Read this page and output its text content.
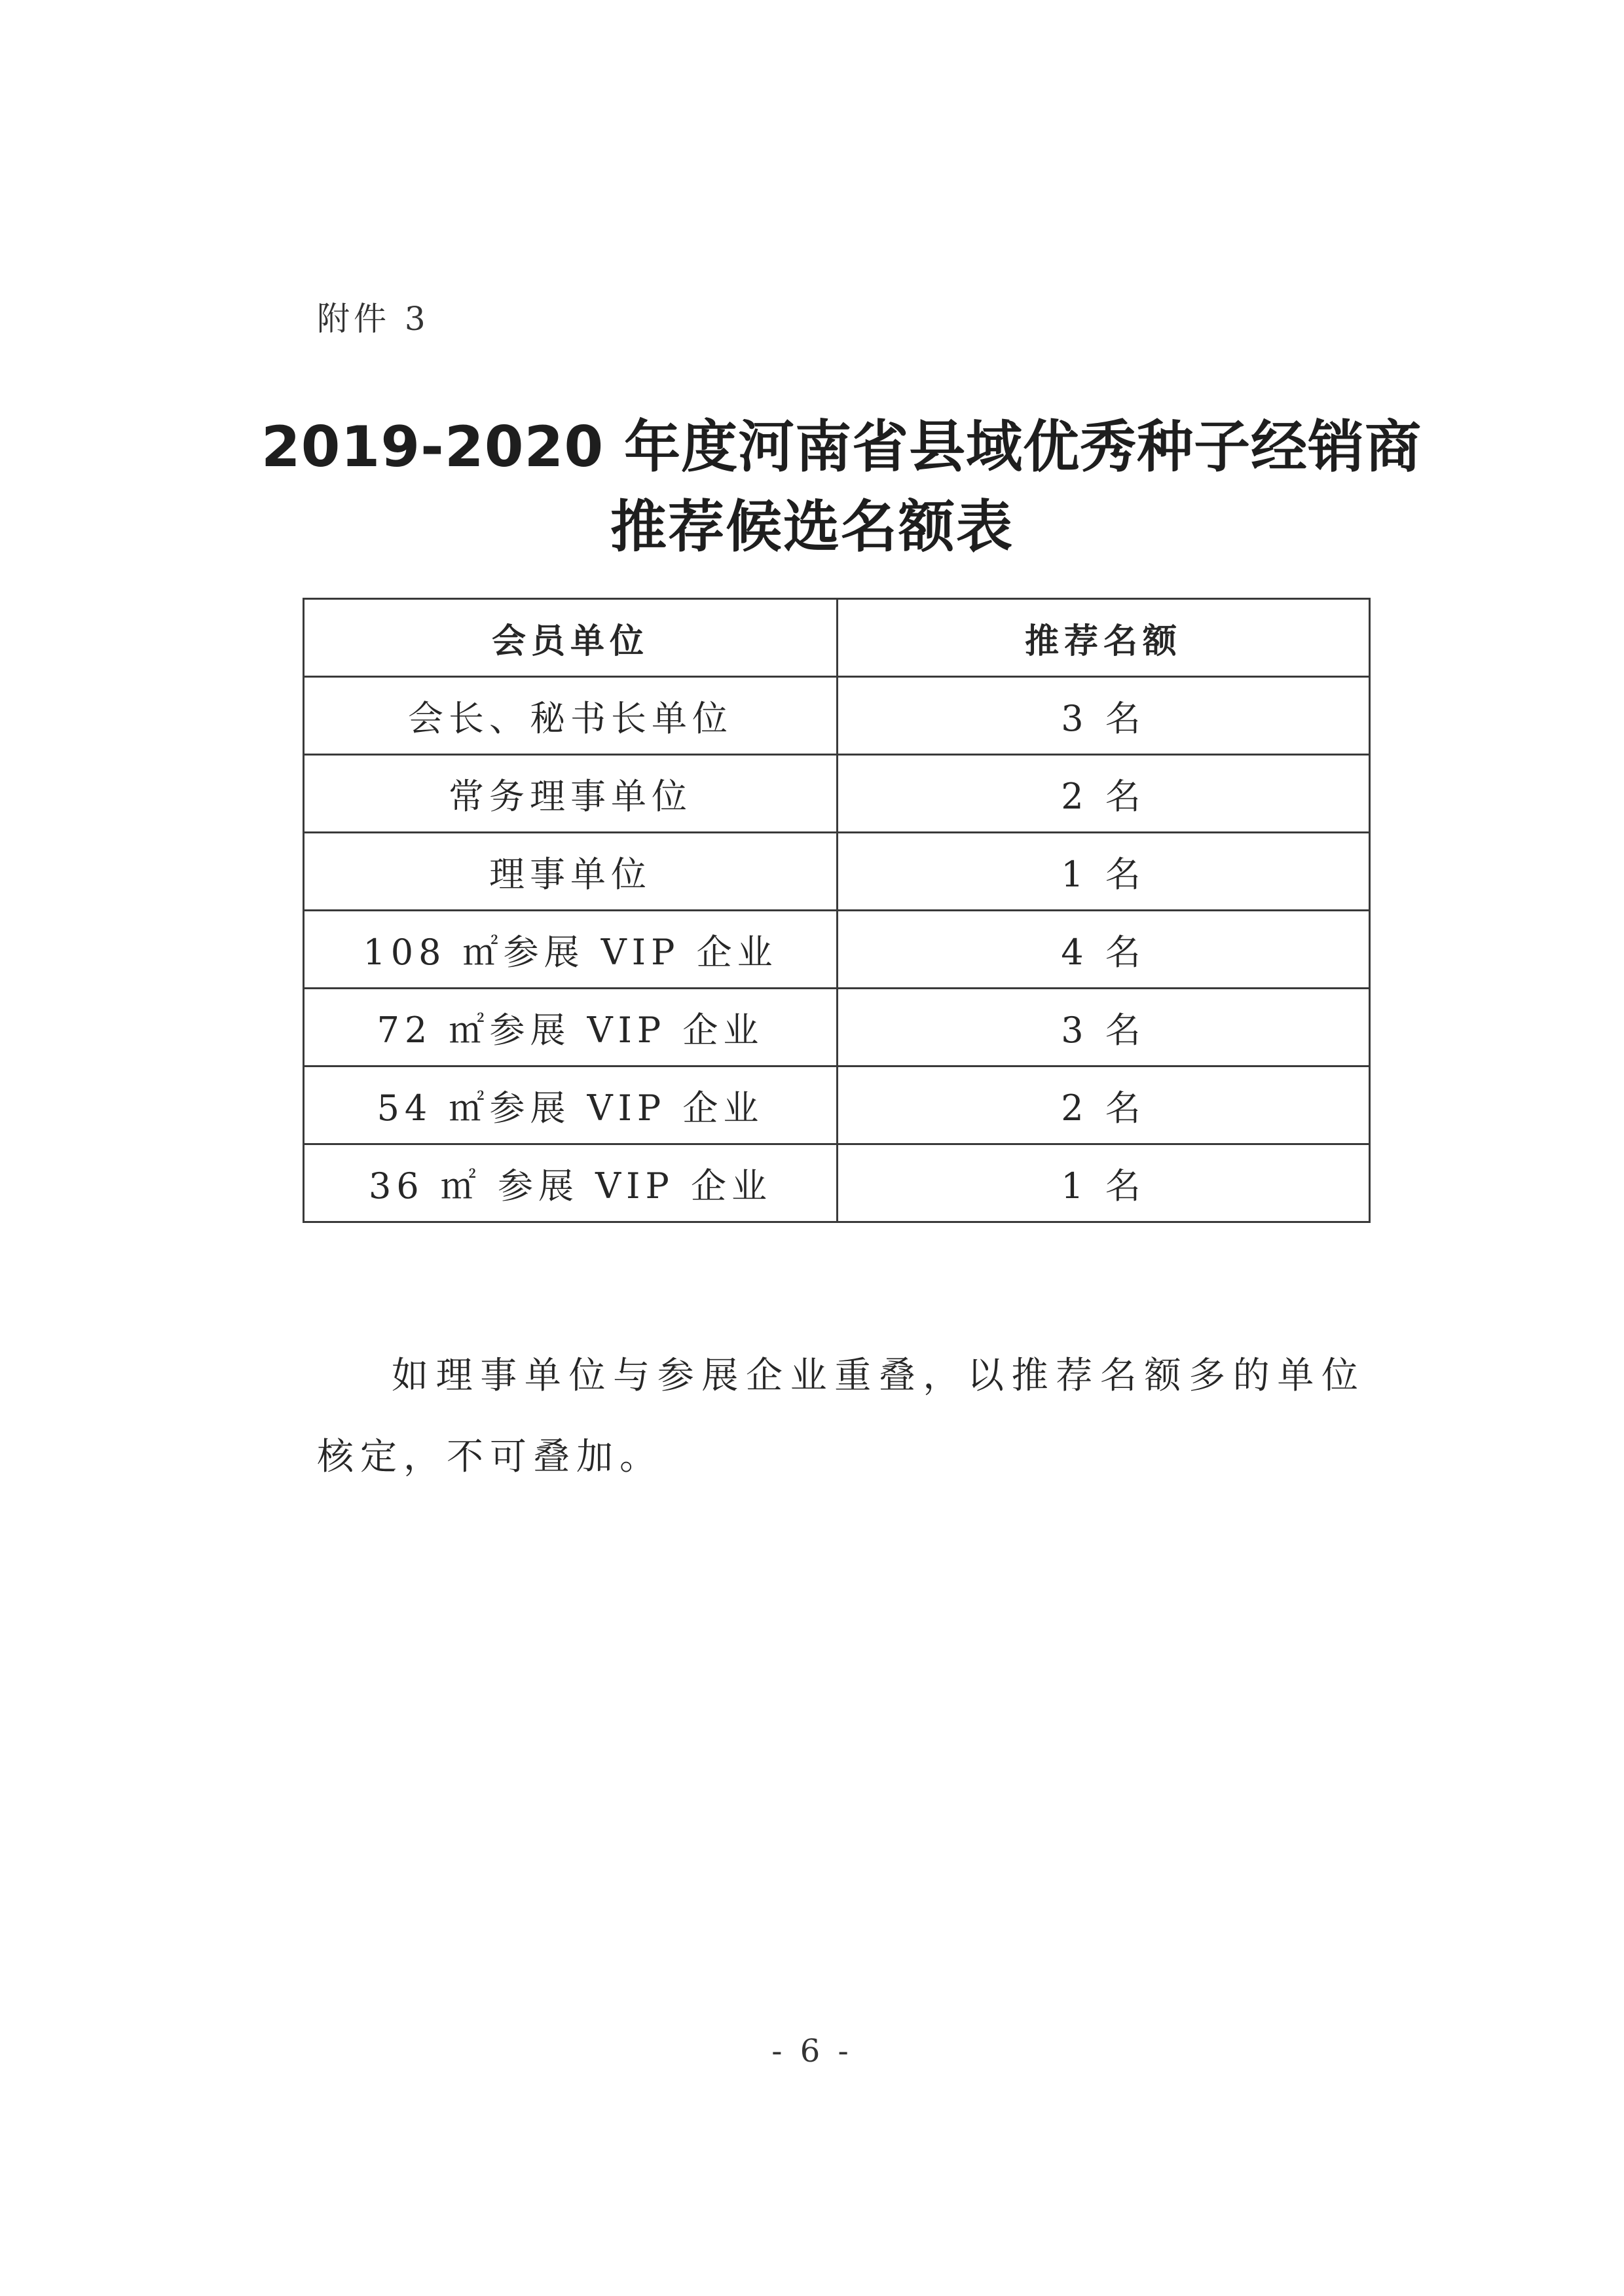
附件 3
2019-2020 年度河南省县域优秀种子经销商
推荐候选名额表
会员单位	推荐名额
会长、秘书长单位	3 名
常务理事单位	2 名
理事单位	1 名
108 ㎡参展 VIP 企业	4 名
72 ㎡参展 VIP 企业	3 名
54 ㎡参展 VIP 企业	2 名
36 ㎡ 参展 VIP 企业	1 名
如理事单位与参展企业重叠，以推荐名额多的单位核定，不可叠加。
- 6 -
